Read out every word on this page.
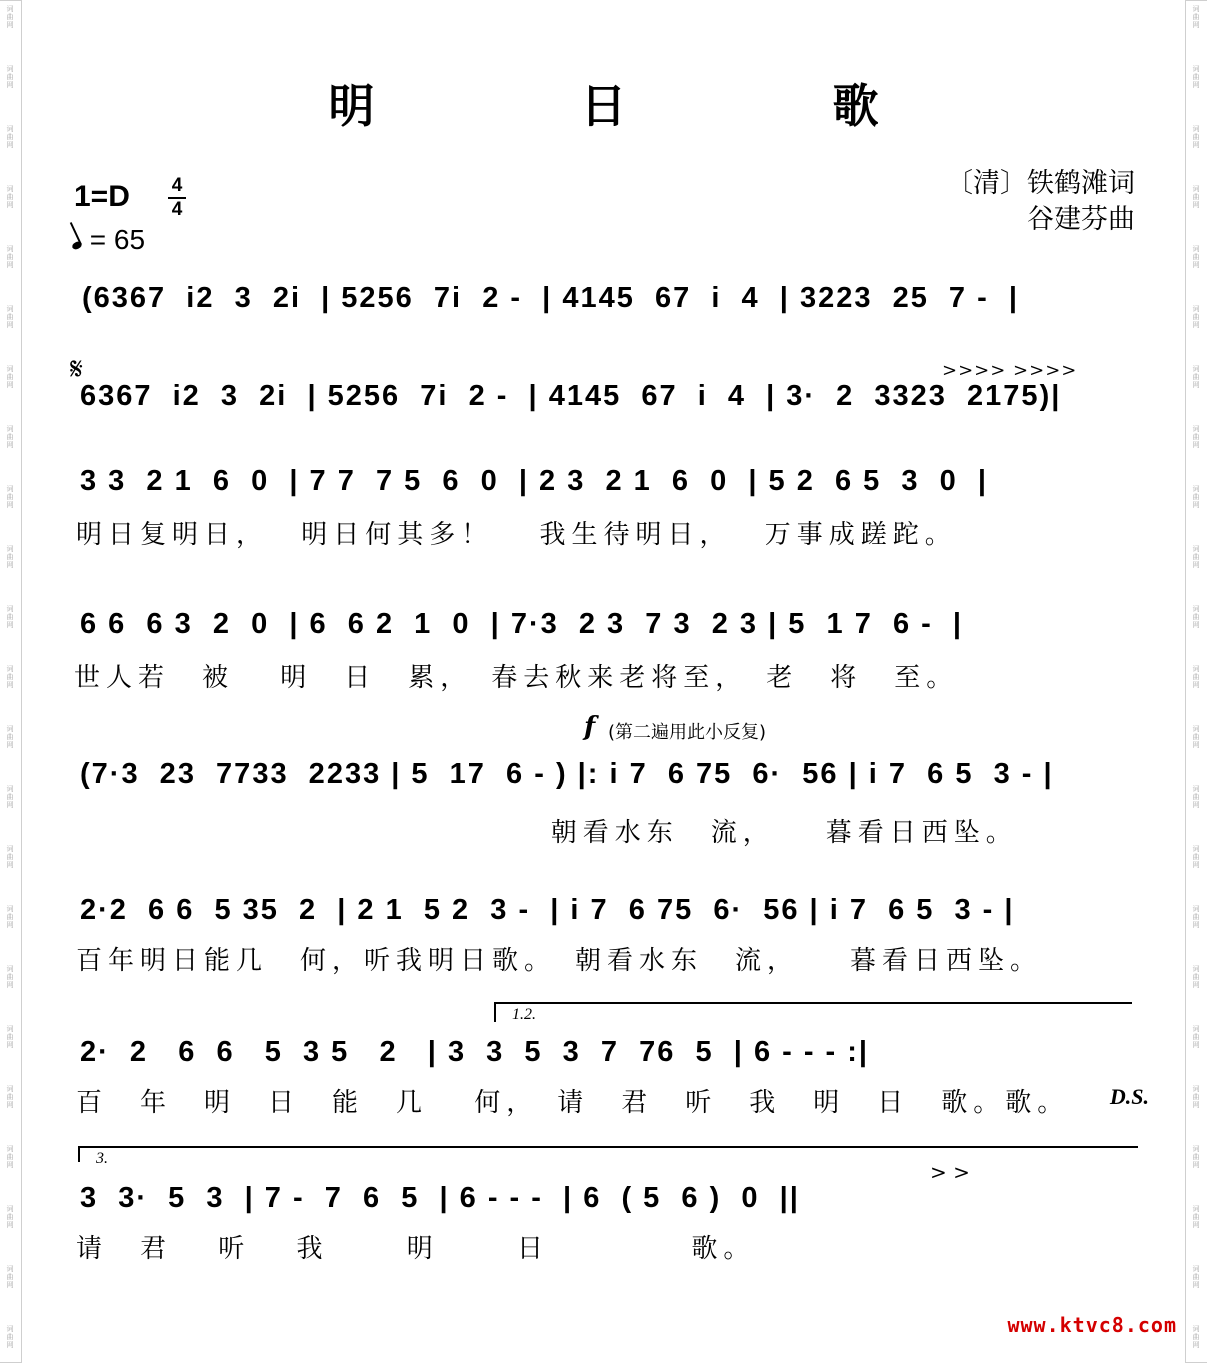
词
曲
网
词
曲
网
词
曲
网
词
曲
网
词
曲
网
词
曲
网
词
曲
网
词
曲
网
词
曲
网
词
曲
网
词
曲
网
词
曲
网
词
曲
网
词
曲
网
词
曲
网
词
曲
网
词
曲
网
词
曲
网
词
曲
网
词
曲
网
词
曲
网
词
曲
网
词
曲
网
词
曲
网
词
曲
网
词
曲
网
词
曲
网
词
曲
网
词
曲
网
词
曲
网
词
曲
网
词
曲
网
词
曲
网
词
曲
网
词
曲
网
词
曲
网
词
曲
网
词
曲
网
词
曲
网
词
曲
网
词
曲
网
词
曲
网
词
曲
网
词
曲
网
词
曲
网
词
曲
网
明　日　歌
〔清〕铁鹤滩词
谷建芬曲
1=D 4
4
= 65
(6367  i2  3  2i  | 5256  7i  2 -  | 4145  67  i  4  | 3223  25  7 -  |
𝄋	>>>> >>>>
6367  i2  3  2i  | 5256  7i  2 -  | 4145  67  i  4  | 3·  2  3323  2175)|
3 3  2 1  6  0  | 7 7  7 5  6  0  | 2 3  2 1  6  0  | 5 2  6 5  3  0  |
明日复明日，　 明日何其多！　 我生待明日，　 万事成蹉跎。
6 6  6 3  2  0  | 6  6 2  1  0  | 7·3  2 3  7 3  2 3 | 5  1 7  6 -  |
世人若　被　 明　日　累，　春去秋来老将至，　老　将　至。
f (第二遍用此小反复)
(7·3  23  7733  2233 | 5  17  6 - ) |: i 7  6 75  6·  56 | i 7  6 5  3 - |
朝看水东　流，　　暮看日西坠。
2·2  6 6  5 35  2  | 2 1  5 2  3 -  | i 7  6 75  6·  56 | i 7  6 5  3 - |
百年明日能几　何，听我明日歌。　朝看水东　流，　　暮看日西坠。
1.2.
2·  2   6  6   5  3 5   2   | 3  3  5  3  7  76  5  | 6 - - - :|
百　年　明　日　能　几　 何，　请　君　听　我　明　日　歌。歌。 D.S.
3.
> >
3  3·  5  3  | 7 -  7  6  5  | 6 - - -  | 6  ( 5  6 )  0  ||
请　君　 听　 我　　 明　　 日　　　　 歌。
www.ktvc8.com
